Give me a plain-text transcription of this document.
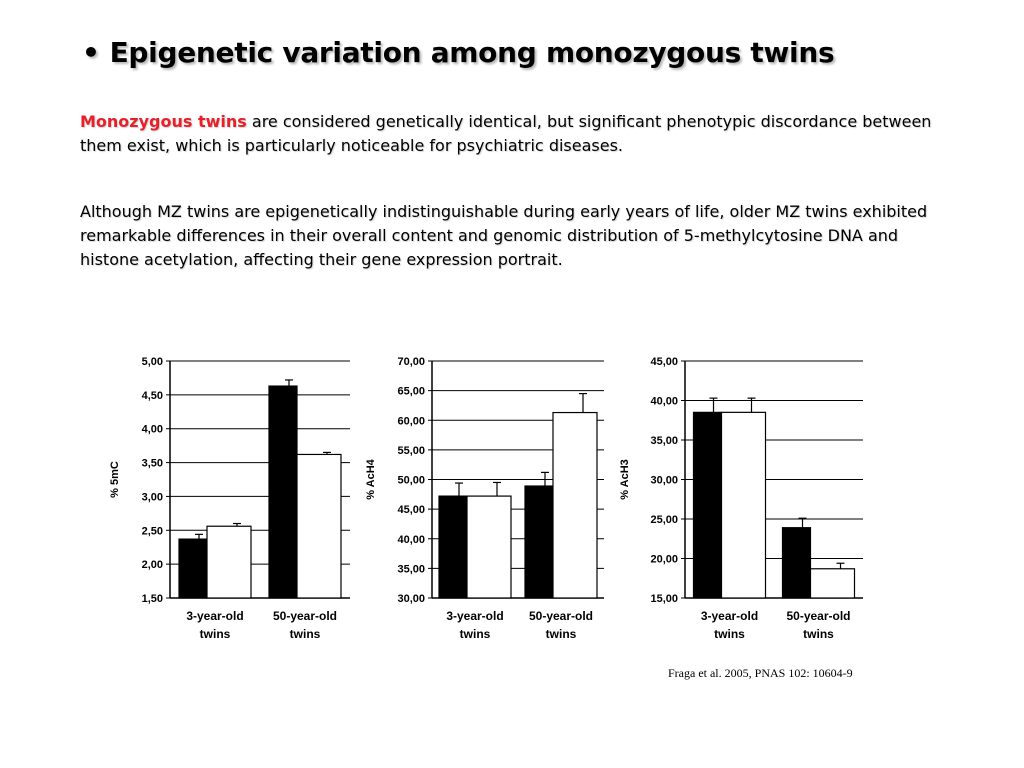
• Epigenetic variation among monozygous twins
Monozygous twins are considered genetically identical, but significant phenotypic discordance between them exist, which is particularly noticeable for psychiatric diseases.
Although MZ twins are epigenetically indistinguishable during early years of life, older MZ twins exhibited remarkable differences in their overall content and genomic distribution of 5-methylcytosine DNA and histone acetylation, affecting their gene expression portrait.
1,50
2,00
2,50
3,00
3,50
4,00
4,50
5,00
% 5mC
3-year-old
twins
50-year-old
twins
30,00
35,00
40,00
45,00
50,00
55,00
60,00
65,00
70,00
% AcH4
3-year-old
twins
50-year-old
twins
15,00
20,00
25,00
30,00
35,00
40,00
45,00
% AcH3
3-year-old
twins
50-year-old
twins
Fraga et al. 2005, PNAS 102: 10604-9
